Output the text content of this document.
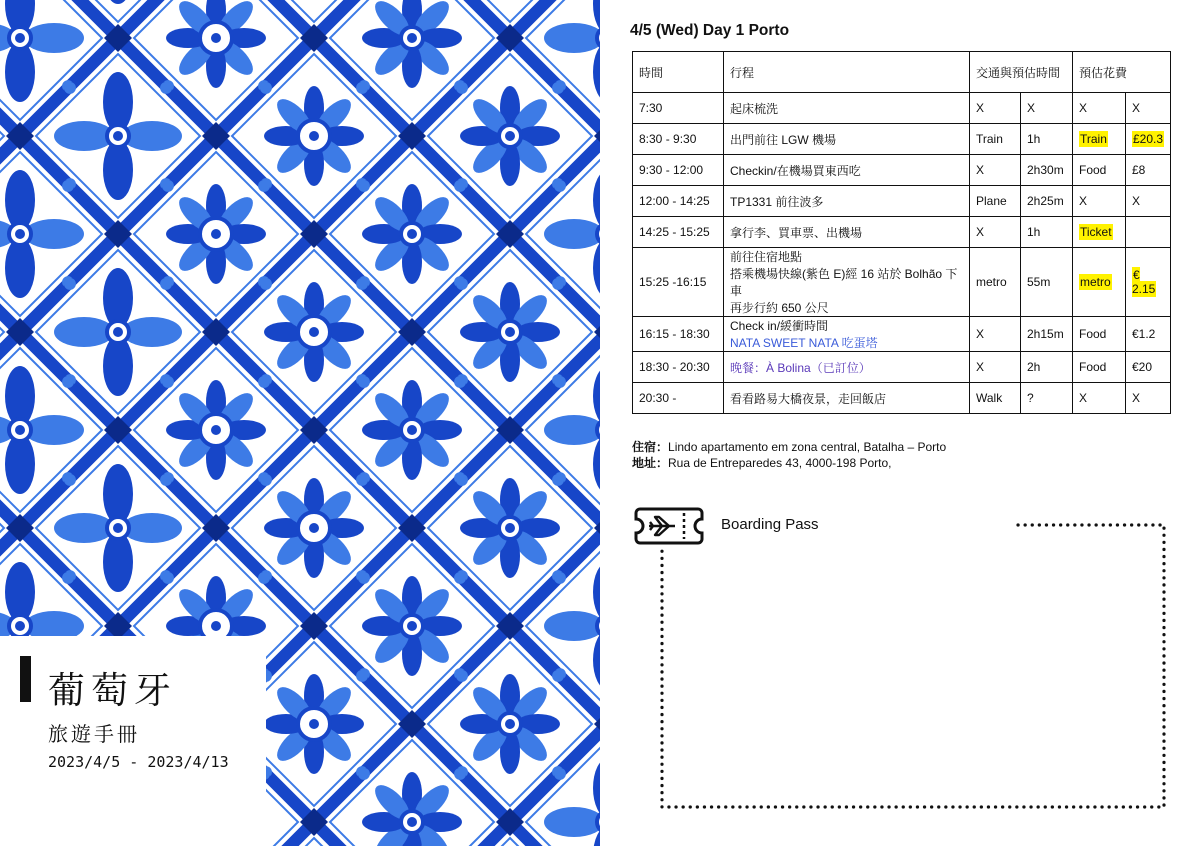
葡萄牙
旅遊手冊
2023/4/5 - 2023/4/13
4/5 (Wed) Day 1 Porto
時間	行程	交通與預估時間		預估花費	
7:30	起床梳洗	X	X	X	X
8:30 - 9:30	出門前往 LGW 機場	Train	1h	Train	£20.3
9:30 - 12:00	Checkin/在機場買東西吃	X	2h30m	Food	£8
12:00 - 14:25	TP1331 前往波多	Plane	2h25m	X	X
14:25 - 15:25	拿行李、買車票、出機場	X	1h	Ticket	
15:25 -16:15	前往住宿地點
搭乘機場快線(紫色 E)經 16 站於 Bolhão 下車
再步行約 650 公尺	metro	55m	metro	€ 2.15
16:15 - 18:30	Check in/緩衝時間
NATA SWEET NATA 吃蛋塔	X	2h15m	Food	€1.2
18:30 - 20:30	晚餐：À Bolina（已訂位）	X	2h	Food	€20
20:30 -	看看路易大橋夜景，走回飯店	Walk	?	X	X
住宿：Lindo apartamento em zona central, Batalha – Porto
地址：Rua de Entreparedes 43, 4000-198 Porto,
Boarding Pass
